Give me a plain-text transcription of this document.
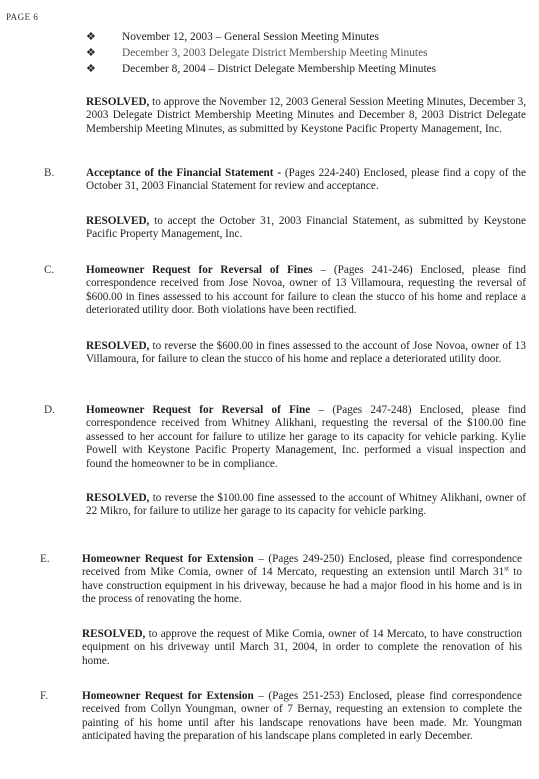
PAGE 6
❖	November 12, 2003 – General Session Meeting Minutes
❖	December 3, 2003 Delegate District Membership Meeting Minutes
❖	December 8, 2004 – District Delegate Membership Meeting Minutes
RESOLVED, to approve the November 12, 2003 General Session Meeting Minutes, December 3, 2003 Delegate District Membership Meeting Minutes and December 8, 2003 District Delegate Membership Meeting Minutes, as submitted by Keystone Pacific Property Management, Inc.
B.	Acceptance of the Financial Statement - (Pages 224-240) Enclosed, please find a copy of the October 31, 2003 Financial Statement for review and acceptance.
RESOLVED, to accept the October 31, 2003 Financial Statement, as submitted by Keystone Pacific Property Management, Inc.
C.	Homeowner Request for Reversal of Fines – (Pages 241-246) Enclosed, please find correspondence received from Jose Novoa, owner of 13 Villamoura, requesting the reversal of $600.00 in fines assessed to his account for failure to clean the stucco of his home and replace a deteriorated utility door. Both violations have been rectified.
RESOLVED, to reverse the $600.00 in fines assessed to the account of Jose Novoa, owner of 13 Villamoura, for failure to clean the stucco of his home and replace a deteriorated utility door.
D.	Homeowner Request for Reversal of Fine – (Pages 247-248) Enclosed, please find correspondence received from Whitney Alikhani, requesting the reversal of the $100.00 fine assessed to her account for failure to utilize her garage to its capacity for vehicle parking. Kylie Powell with Keystone Pacific Property Management, Inc. performed a visual inspection and found the homeowner to be in compliance.
RESOLVED, to reverse the $100.00 fine assessed to the account of Whitney Alikhani, owner of 22 Mikro, for failure to utilize her garage to its capacity for vehicle parking.
E.	Homeowner Request for Extension – (Pages 249-250) Enclosed, please find correspondence received from Mike Comia, owner of 14 Mercato, requesting an extension until March 31st to have construction equipment in his driveway, because he had a major flood in his home and is in the process of renovating the home.
RESOLVED, to approve the request of Mike Comia, owner of 14 Mercato, to have construction equipment on his driveway until March 31, 2004, in order to complete the renovation of his home.
F.	Homeowner Request for Extension – (Pages 251-253) Enclosed, please find correspondence received from Collyn Youngman, owner of 7 Bernay, requesting an extension to complete the painting of his home until after his landscape renovations have been made. Mr. Youngman anticipated having the preparation of his landscape plans completed in early December.
